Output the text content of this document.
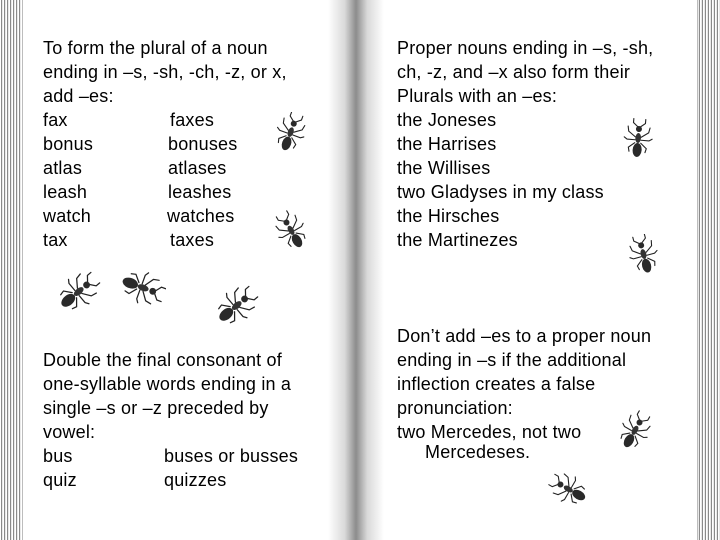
To form the plural of a noun
ending in –s, -sh, -ch, -z, or x,
add –es:
fax	faxes
bonus	bonuses
atlas	atlases
leash	leashes
watch	watches
tax	taxes
Double the final consonant of
one-syllable words ending in a
single –s or –z preceded by
vowel:
bus	buses or busses
quiz	quizzes
Proper nouns ending in –s, -sh,
ch, -z, and –x also form their
Plurals with an –es:
the Joneses
the Harrises
the Willises
two Gladyses in my class
the Hirsches
the Martinezes
Don’t add –es to a proper noun
ending in –s if the additional
inflection creates a false
pronunciation:
two Mercedes, not two
Mercedeses.
